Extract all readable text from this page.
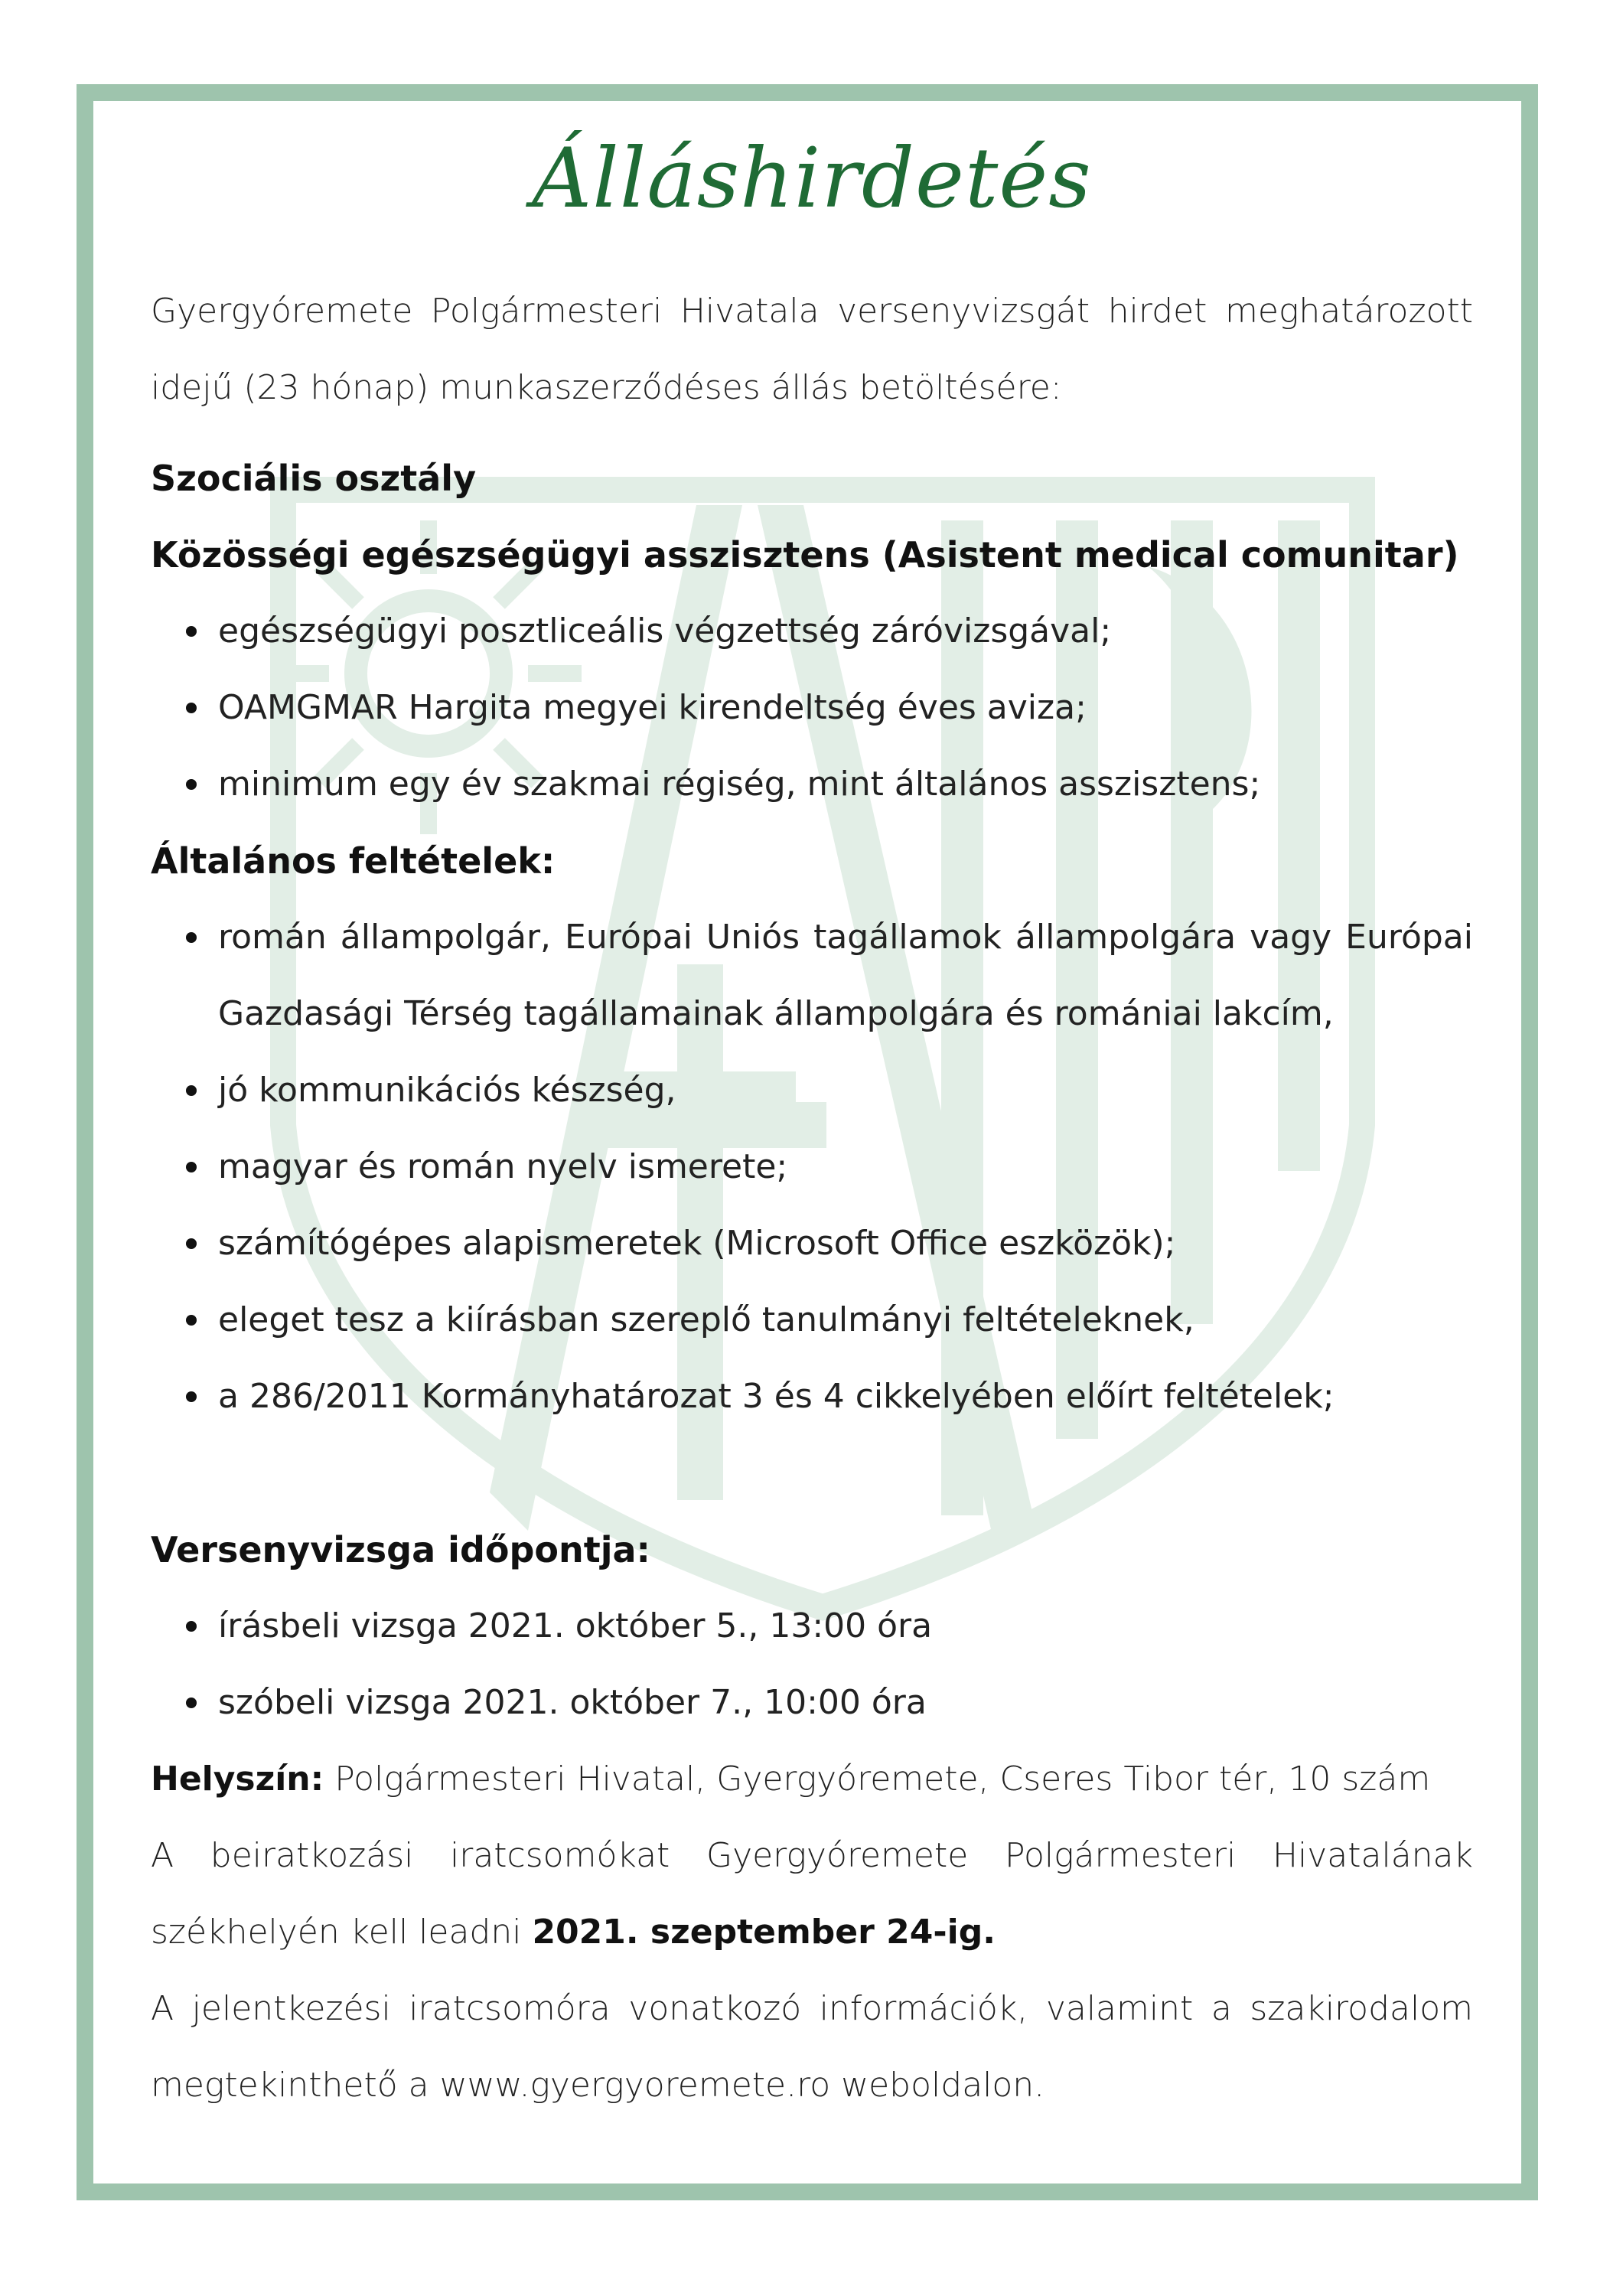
Álláshirdetés
Gyergyóremete Polgármesteri Hivatala versenyvizsgát hirdet meghatározott idejű (23 hónap) munkaszerződéses állás betöltésére:
Szociális osztály
Közösségi egészségügyi asszisztens (Asistent medical comunitar)
egészségügyi posztliceális végzettség záróvizsgával;
OAMGMAR Hargita megyei kirendeltség éves aviza;
minimum egy év szakmai régiség, mint általános asszisztens;
Általános feltételek:
román állampolgár, Európai Uniós tagállamok állampolgára vagy Európai Gazdasági Térség tagállamainak állampolgára és romániai lakcím,
jó kommunikációs készség,
magyar és román nyelv ismerete;
számítógépes alapismeretek (Microsoft Office eszközök);
eleget tesz a kiírásban szereplő tanulmányi feltételeknek,
a 286/2011 Kormányhatározat 3 és 4 cikkelyében előírt feltételek;
Versenyvizsga időpontja:
írásbeli vizsga 2021. október 5., 13:00 óra
szóbeli vizsga 2021. október 7., 10:00 óra
Helyszín: Polgármesteri Hivatal, Gyergyóremete, Cseres Tibor tér, 10 szám
A beiratkozási iratcsomókat Gyergyóremete Polgármesteri Hivatalának székhelyén kell leadni 2021. szeptember 24-ig.
A jelentkezési iratcsomóra vonatkozó információk, valamint a szakirodalom megtekinthető a www.gyergyoremete.ro weboldalon.
